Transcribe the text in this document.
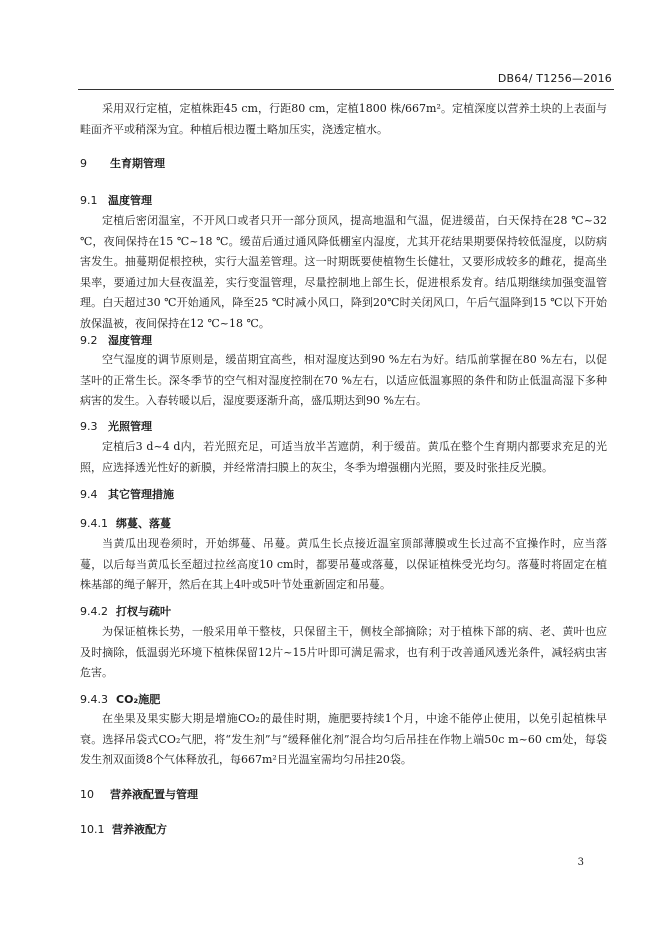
DB64/ T1256—2016

采用双行定植，定植株距45 cm，行距80 cm，定植1800 株/667m²。定植深度以营养土块的上表面与畦面齐平或稍深为宜。种植后根边覆土略加压实，浇透定植水。

9 生育期管理
9.1 温度管理

定植后密闭温室，不开风口或者只开一部分顶风，提高地温和气温，促进缓苗，白天保持在28 ℃~32 ℃，夜间保持在15 ℃~18 ℃。缓苗后通过通风降低棚室内湿度，尤其开花结果期要保持较低湿度，以防病害发生。抽蔓期促根控秧，实行大温差管理。这一时期既要使植物生长健壮，又要形成较多的雌花，提高坐果率，要通过加大昼夜温差，实行变温管理，尽量控制地上部生长，促进根系发育。结瓜期继续加强变温管理。白天超过30 ℃开始通风，降至25 ℃时减小风口，降到20℃时关闭风口，午后气温降到15 ℃以下开始放保温被，夜间保持在12 ℃~18 ℃。

9.2 湿度管理

空气湿度的调节原则是，缓苗期宜高些，相对湿度达到90 %左右为好。结瓜前掌握在80 %左右，以促茎叶的正常生长。深冬季节的空气相对湿度控制在70 %左右，以适应低温寡照的条件和防止低温高湿下多种病害的发生。入春转暖以后，湿度要逐渐升高，盛瓜期达到90 %左右。

9.3 光照管理

定植后3 d~4 d内，若光照充足，可适当放半苫遮荫，利于缓苗。黄瓜在整个生育期内都要求充足的光照，应选择透光性好的新膜，并经常清扫膜上的灰尘，冬季为增强棚内光照，要及时张挂反光膜。

9.4 其它管理措施
9.4.1 绑蔓、落蔓

当黄瓜出现卷须时，开始绑蔓、吊蔓。黄瓜生长点接近温室顶部薄膜或生长过高不宜操作时，应当落蔓，以后每当黄瓜长至超过拉丝高度10 cm时，都要吊蔓或落蔓，以保证植株受光均匀。落蔓时将固定在植株基部的绳子解开，然后在其上4叶或5叶节处重新固定和吊蔓。

9.4.2 打杈与疏叶

为保证植株长势，一般采用单干整枝，只保留主干，侧枝全部摘除；对于植株下部的病、老、黄叶也应及时摘除，低温弱光环境下植株保留12片~15片叶即可满足需求，也有利于改善通风透光条件，减轻病虫害危害。

9.4.3 CO₂施肥

在坐果及果实膨大期是增施CO₂的最佳时期，施肥要持续1个月，中途不能停止使用，以免引起植株早衰。选择吊袋式CO₂气肥，将“发生剂”与“缓释催化剂”混合均匀后吊挂在作物上端50c m~60 cm处，每袋发生剂双面烫8个气体释放孔，每667m²日光温室需均匀吊挂20袋。

10 营养液配置与管理
10.1 营养液配方
3
